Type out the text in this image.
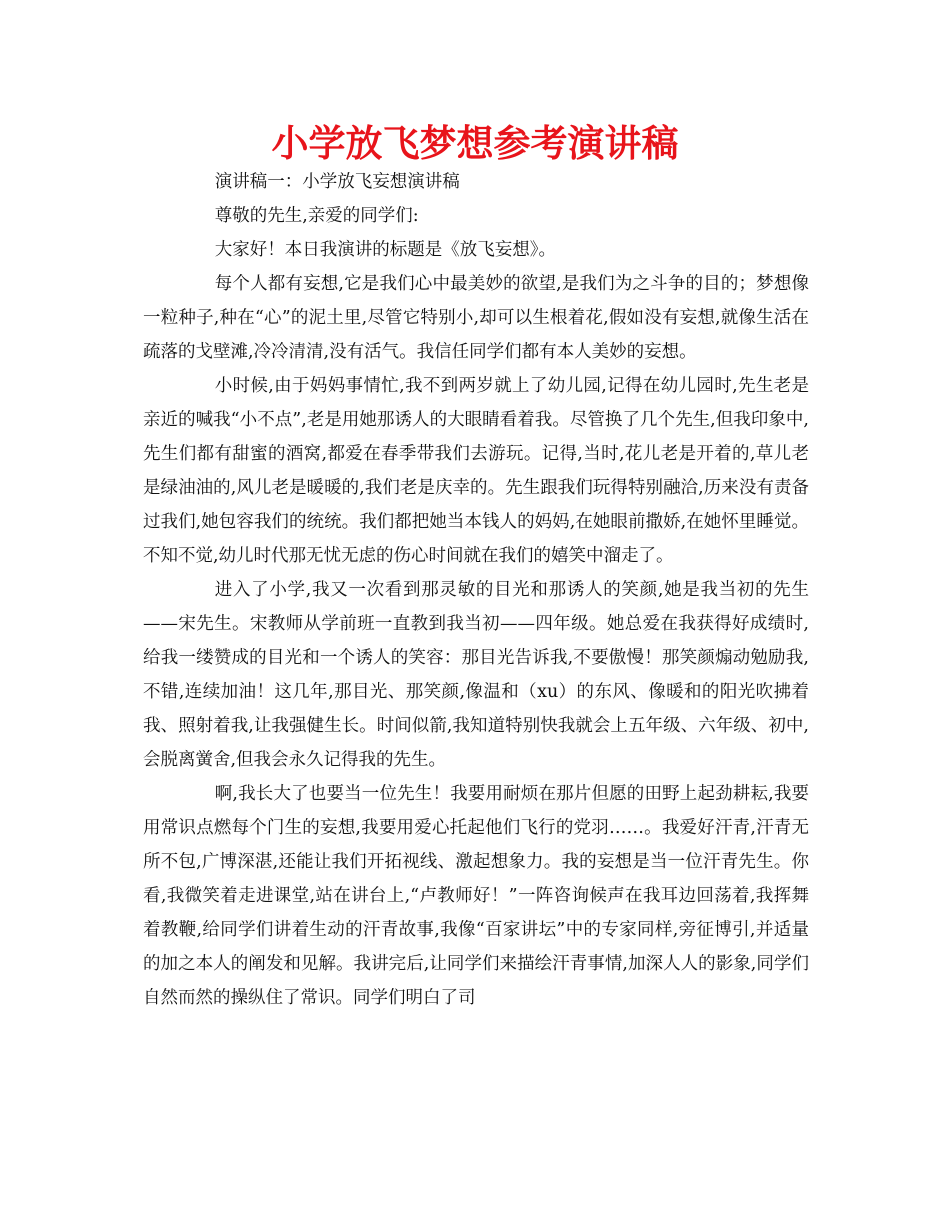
小学放飞梦想参考演讲稿

演讲稿一：小学放飞妄想演讲稿

尊敬的先生,亲爱的同学们:

大家好！本日我演讲的标题是《放飞妄想》。

每个人都有妄想,它是我们心中最美妙的欲望,是我们为之斗争的目的；梦想像一粒种子,种在“心”的泥土里,尽管它特别小,却可以生根着花,假如没有妄想,就像生活在疏落的戈壁滩,冷冷清清,没有活气。我信任同学们都有本人美妙的妄想。

小时候,由于妈妈事情忙,我不到两岁就上了幼儿园,记得在幼儿园时,先生老是亲近的喊我“小不点”,老是用她那诱人的大眼睛看着我。尽管换了几个先生,但我印象中,先生们都有甜蜜的酒窝,都爱在春季带我们去游玩。记得,当时,花儿老是开着的,草儿老是绿油油的,风儿老是暖暖的,我们老是庆幸的。先生跟我们玩得特别融洽,历来没有责备过我们,她包容我们的统统。我们都把她当本钱人的妈妈,在她眼前撒娇,在她怀里睡觉。不知不觉,幼儿时代那无忧无虑的伤心时间就在我们的嬉笑中溜走了。

进入了小学,我又一次看到那灵敏的目光和那诱人的笑颜,她是我当初的先生——宋先生。宋教师从学前班一直教到我当初——四年级。她总爱在我获得好成绩时,给我一缕赞成的目光和一个诱人的笑容：那目光告诉我,不要傲慢！那笑颜煽动勉励我,不错,连续加油！这几年,那目光、那笑颜,像温和（xu）的东风、像暖和的阳光吹拂着我、照射着我,让我强健生长。时间似箭,我知道特别快我就会上五年级、六年级、初中,会脱离黉舍,但我会永久记得我的先生。

啊,我长大了也要当一位先生！我要用耐烦在那片但愿的田野上起劲耕耘,我要用常识点燃每个门生的妄想,我要用爱心托起他们飞行的党羽……。我爱好汗青,汗青无所不包,广博深湛,还能让我们开拓视线、激起想象力。我的妄想是当一位汗青先生。你看,我微笑着走进课堂,站在讲台上,“卢教师好！”一阵咨询候声在我耳边回荡着,我挥舞着教鞭,给同学们讲着生动的汗青故事,我像“百家讲坛”中的专家同样,旁征博引,并适量的加之本人的阐发和见解。我讲完后,让同学们来描绘汗青事情,加深人人的影象,同学们自然而然的操纵住了常识。同学们明白了司
